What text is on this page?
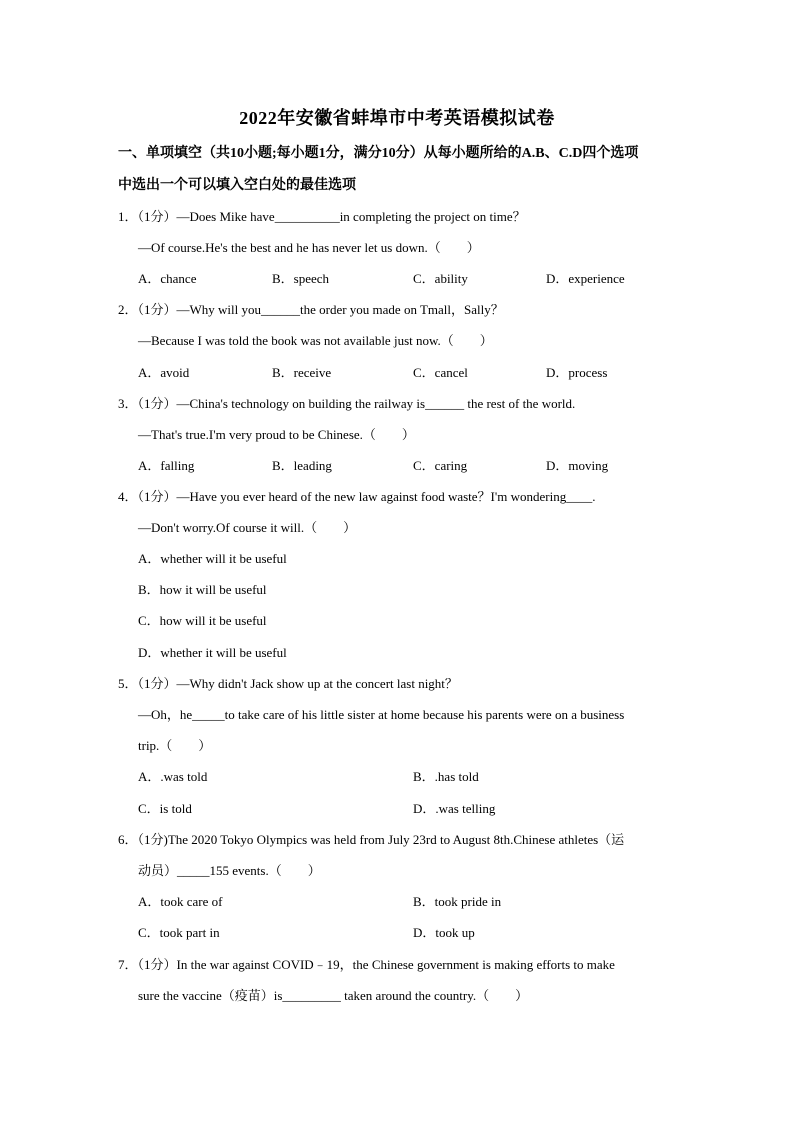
2022年安徽省蚌埠市中考英语模拟试卷
一、单项填空（共10小题;每小题1分，满分10分）从每小题所给的A.B、C.D四个选项
中选出一个可以填入空白处的最佳选项
1．（1分）—Does Mike have__________in completing the project on time？
—Of course.He's the best and he has never let us down.（　　）
A．chance	B．speech	C．ability	D．experience
2．（1分）—Why will you______the order you made on Tmall，Sally？
—Because I was told the book was not available just now.（　　）
A．avoid	B．receive	C．cancel	D．process
3．（1分）—China's technology on building the railway is______ the rest of the world.
—That's true.I'm very proud to be Chinese.（　　）
A．falling	B．leading	C．caring	D．moving
4．（1分）—Have you ever heard of the new law against food waste？I'm wondering____.
—Don't worry.Of course it will.（　　）
A．whether will it be useful
B．how it will be useful
C．how will it be useful
D．whether it will be useful
5．（1分）—Why didn't Jack show up at the concert last night？
—Oh，he_____to take care of his little sister at home because his parents were on a business
trip.（　　）
A．.was told	B．.has told
C．is told	D．.was telling
6．（1分)The 2020 Tokyo Olympics was held from July 23rd to August 8th.Chinese athletes（运
动员）_____155 events.（　　）
A．took care of	B．took pride in
C．took part in	D．took up
7．（1分）In the war against COVID﹣19，the Chinese government is making efforts to make
sure the vaccine（疫苗）is_________ taken around the country.（　　）
